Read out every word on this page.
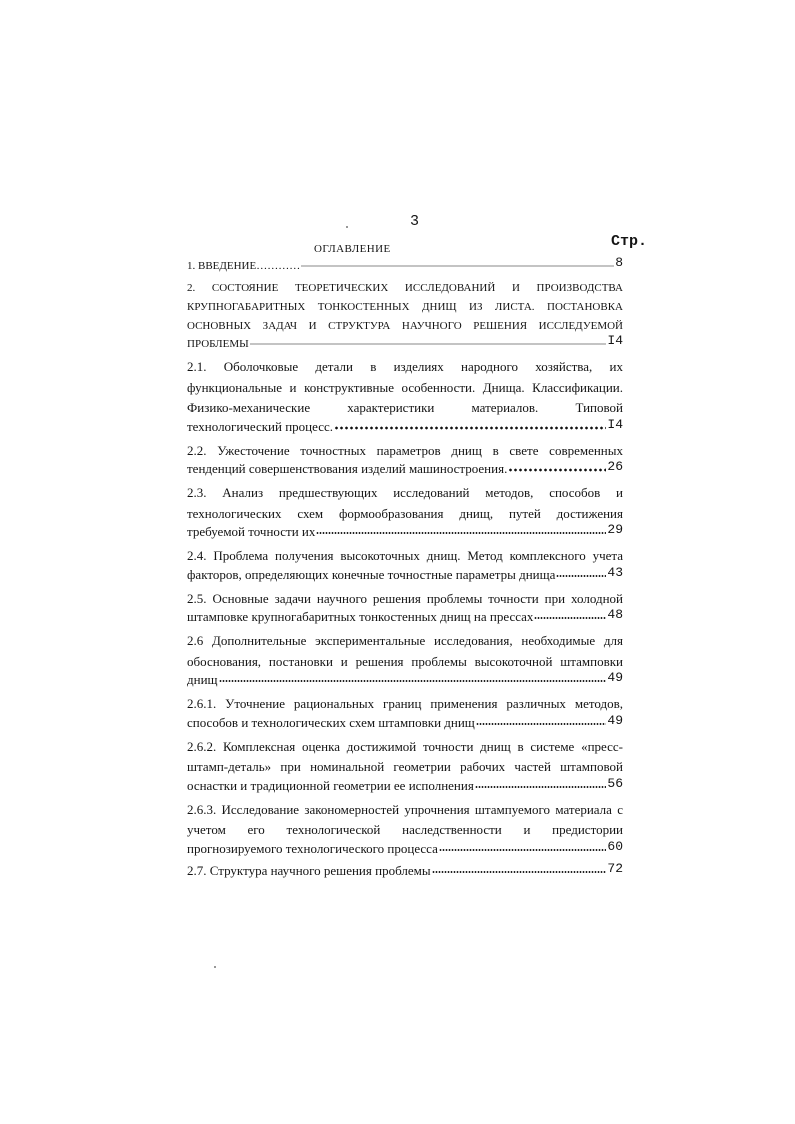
3
Стр.
ОГЛАВЛЕНИЕ
1. ВВЕДЕНИЕ…………	8
2. СОСТОЯНИЕ ТЕОРЕТИЧЕСКИХ ИССЛЕДОВАНИЙ И ПРОИЗВОДСТВА
КРУПНОГАБАРИТНЫХ ТОНКОСТЕННЫХ ДНИЩ ИЗ ЛИСТА. ПОСТАНОВКА
ОСНОВНЫХ ЗАДАЧ И СТРУКТУРА НАУЧНОГО РЕШЕНИЯ ИССЛЕДУЕМОЙ
ПРОБЛЕМЫ	I4
2.1. Оболочковые детали в изделиях народного хозяйства, их
функциональные и конструктивные особенности. Днища. Классификации.
Физико-механические характеристики материалов. Типовой
технологический процесс.	I4
2.2. Ужесточение точностных параметров днищ в свете современных
тенденций совершенствования изделий машиностроения.	26
2.3. Анализ предшествующих исследований методов, способов и
технологических схем формообразования днищ, путей достижения
требуемой точности их	29
2.4. Проблема получения высокоточных днищ. Метод комплексного учета
факторов, определяющих конечные точностные параметры днища	43
2.5. Основные задачи научного решения проблемы точности при холодной
штамповке крупногабаритных тонкостенных днищ на прессах	48
2.6 Дополнительные экспериментальные исследования, необходимые для
обоснования, постановки и решения проблемы высокоточной штамповки
днищ	49
2.6.1. Уточнение рациональных границ применения различных методов,
способов и технологических схем штамповки днищ	49
2.6.2. Комплексная оценка достижимой точности днищ в системе «пресс-
штамп-деталь» при номинальной геометрии рабочих частей штамповой
оснастки и традиционной геометрии ее исполнения	56
2.6.3. Исследование закономерностей упрочнения штампуемого материала с
учетом его технологической наследственности и предистории
прогнозируемого технологического процесса	60
2.7. Структура научного решения проблемы	72
